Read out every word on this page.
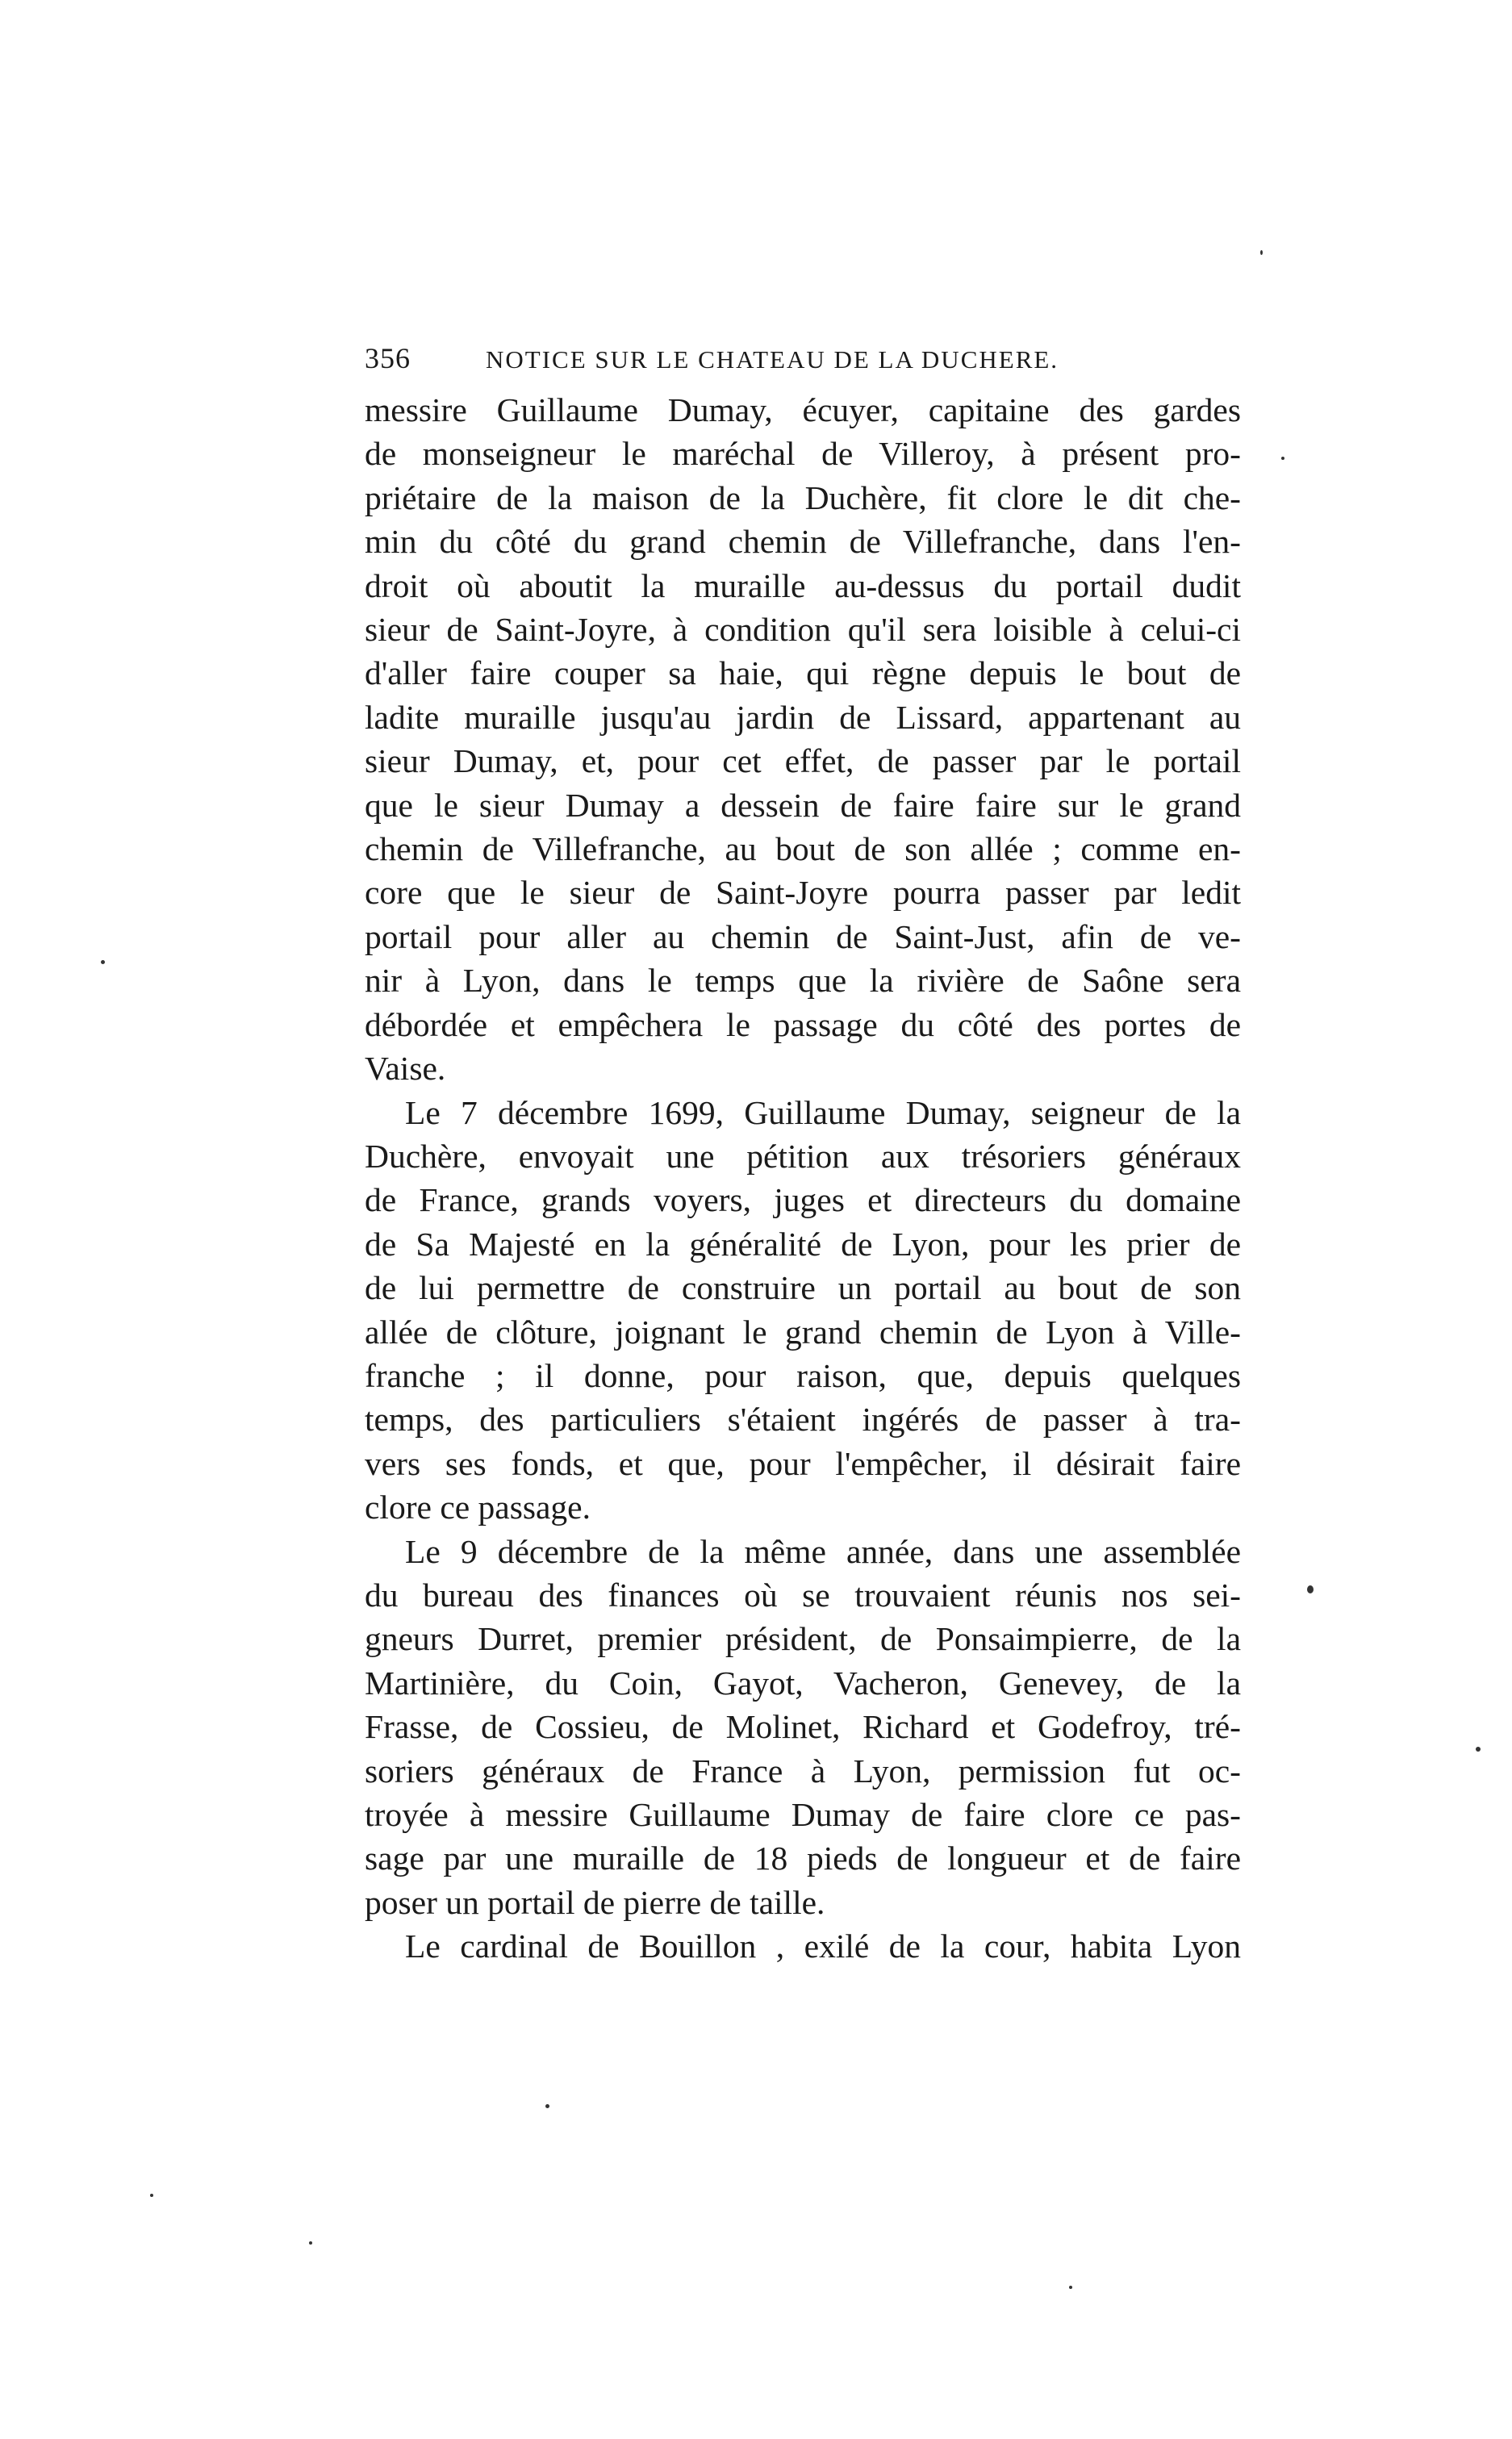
356	NOTICE SUR LE CHATEAU DE LA DUCHERE.
messire Guillaume Dumay, écuyer, capitaine des gardes
de monseigneur le maréchal de Villeroy, à présent pro-
priétaire de la maison de la Duchère, fit clore le dit che-
min du côté du grand chemin de Villefranche, dans l'en-
droit où aboutit la muraille au-dessus du portail dudit
sieur de Saint-Joyre, à condition qu'il sera loisible à celui-ci
d'aller faire couper sa haie, qui règne depuis le bout de
ladite muraille jusqu'au jardin de Lissard, appartenant au
sieur Dumay, et, pour cet effet, de passer par le portail
que le sieur Dumay a dessein de faire faire sur le grand
chemin de Villefranche, au bout de son allée ; comme en-
core que le sieur de Saint-Joyre pourra passer par ledit
portail pour aller au chemin de Saint-Just, afin de ve-
nir à Lyon, dans le temps que la rivière de Saône sera
débordée et empêchera le passage du côté des portes de
Vaise.
Le 7 décembre 1699, Guillaume Dumay, seigneur de la
Duchère, envoyait une pétition aux trésoriers généraux
de France, grands voyers, juges et directeurs du domaine
de Sa Majesté en la généralité de Lyon, pour les prier de
de lui permettre de construire un portail au bout de son
allée de clôture, joignant le grand chemin de Lyon à Ville-
franche ; il donne, pour raison, que, depuis quelques
temps, des particuliers s'étaient ingérés de passer à tra-
vers ses fonds, et que, pour l'empêcher, il désirait faire
clore ce passage.
Le 9 décembre de la même année, dans une assemblée
du bureau des finances où se trouvaient réunis nos sei-
gneurs Durret, premier président, de Ponsaimpierre, de la
Martinière, du Coin, Gayot, Vacheron, Genevey, de la
Frasse, de Cossieu, de Molinet, Richard et Godefroy, tré-
soriers généraux de France à Lyon, permission fut oc-
troyée à messire Guillaume Dumay de faire clore ce pas-
sage par une muraille de 18 pieds de longueur et de faire
poser un portail de pierre de taille.
Le cardinal de Bouillon , exilé de la cour, habita Lyon
